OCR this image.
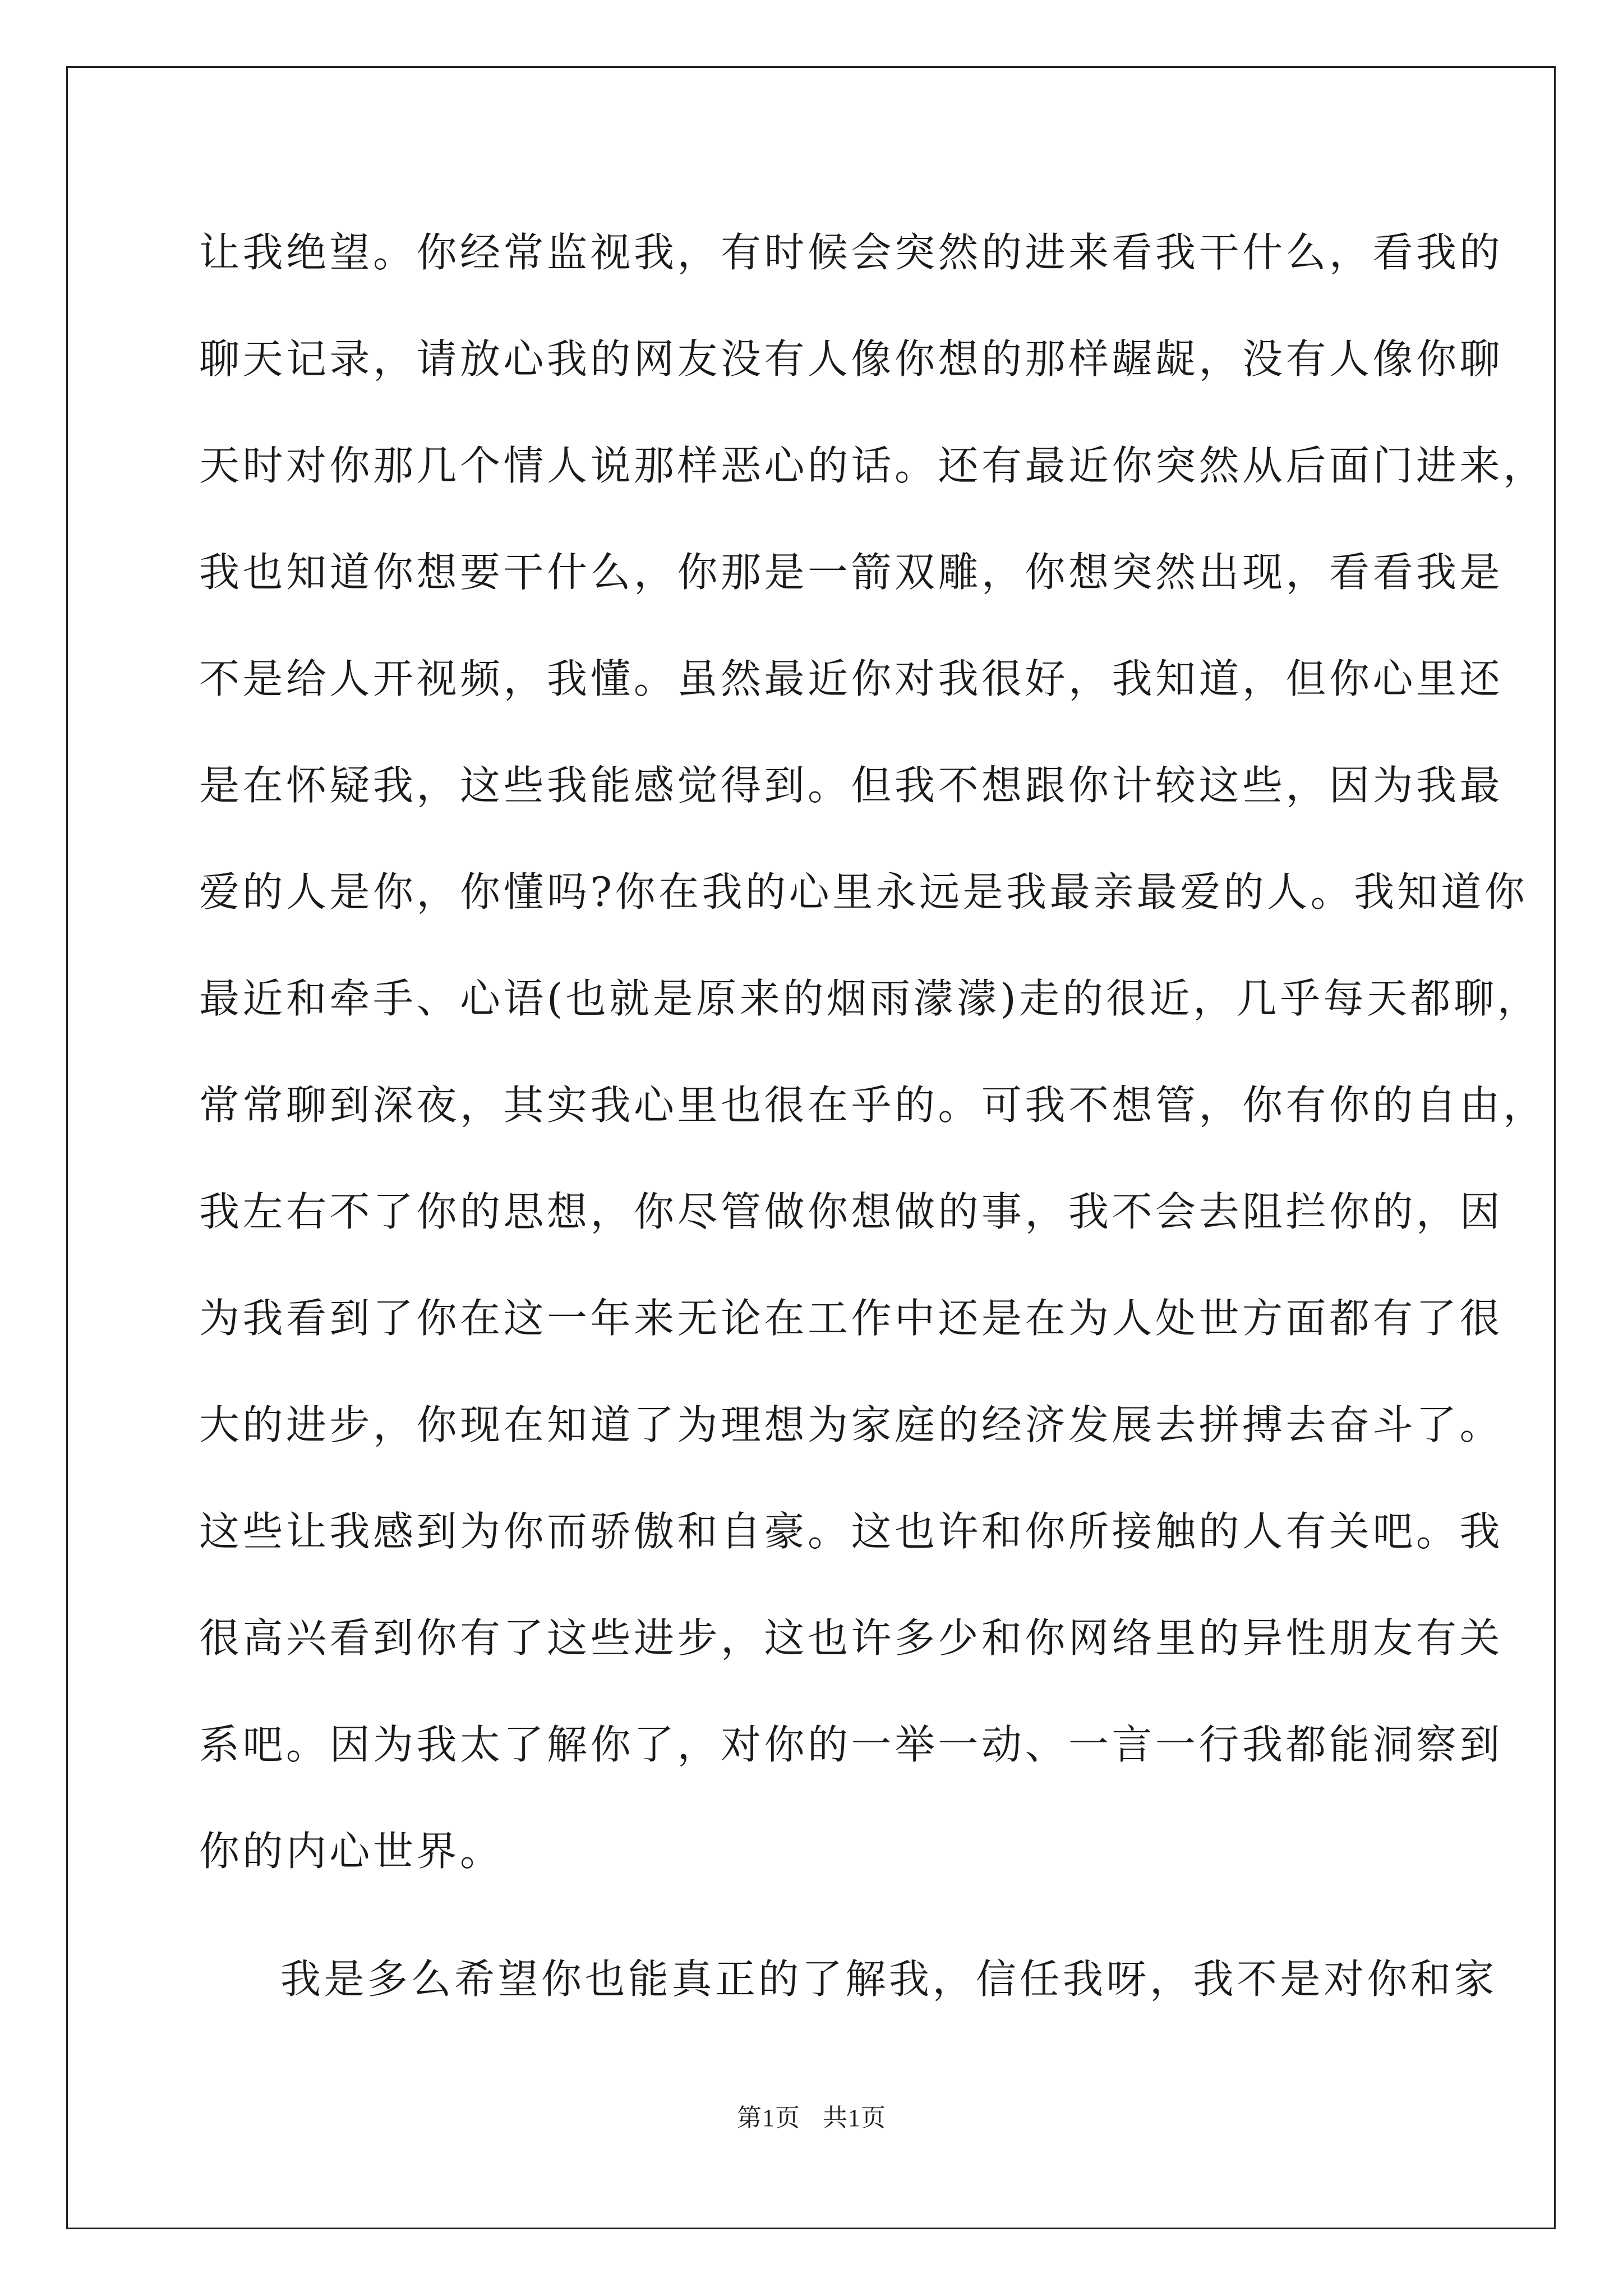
让我绝望。你经常监视我，有时候会突然的进来看我干什么，看我的
聊天记录，请放心我的网友没有人像你想的那样龌龊，没有人像你聊
天时对你那几个情人说那样恶心的话。还有最近你突然从后面门进来，
我也知道你想要干什么，你那是一箭双雕，你想突然出现，看看我是
不是给人开视频，我懂。虽然最近你对我很好，我知道，但你心里还
是在怀疑我，这些我能感觉得到。但我不想跟你计较这些，因为我最
爱的人是你，你懂吗?你在我的心里永远是我最亲最爱的人。我知道你
最近和牵手、心语(也就是原来的烟雨濛濛)走的很近，几乎每天都聊，
常常聊到深夜，其实我心里也很在乎的。可我不想管，你有你的自由，
我左右不了你的思想，你尽管做你想做的事，我不会去阻拦你的，因
为我看到了你在这一年来无论在工作中还是在为人处世方面都有了很
大的进步，你现在知道了为理想为家庭的经济发展去拼搏去奋斗了。
这些让我感到为你而骄傲和自豪。这也许和你所接触的人有关吧。我
很高兴看到你有了这些进步，这也许多少和你网络里的异性朋友有关
系吧。因为我太了解你了，对你的一举一动、一言一行我都能洞察到
你的内心世界。
我是多么希望你也能真正的了解我，信任我呀，我不是对你和家
第1页 共1页
